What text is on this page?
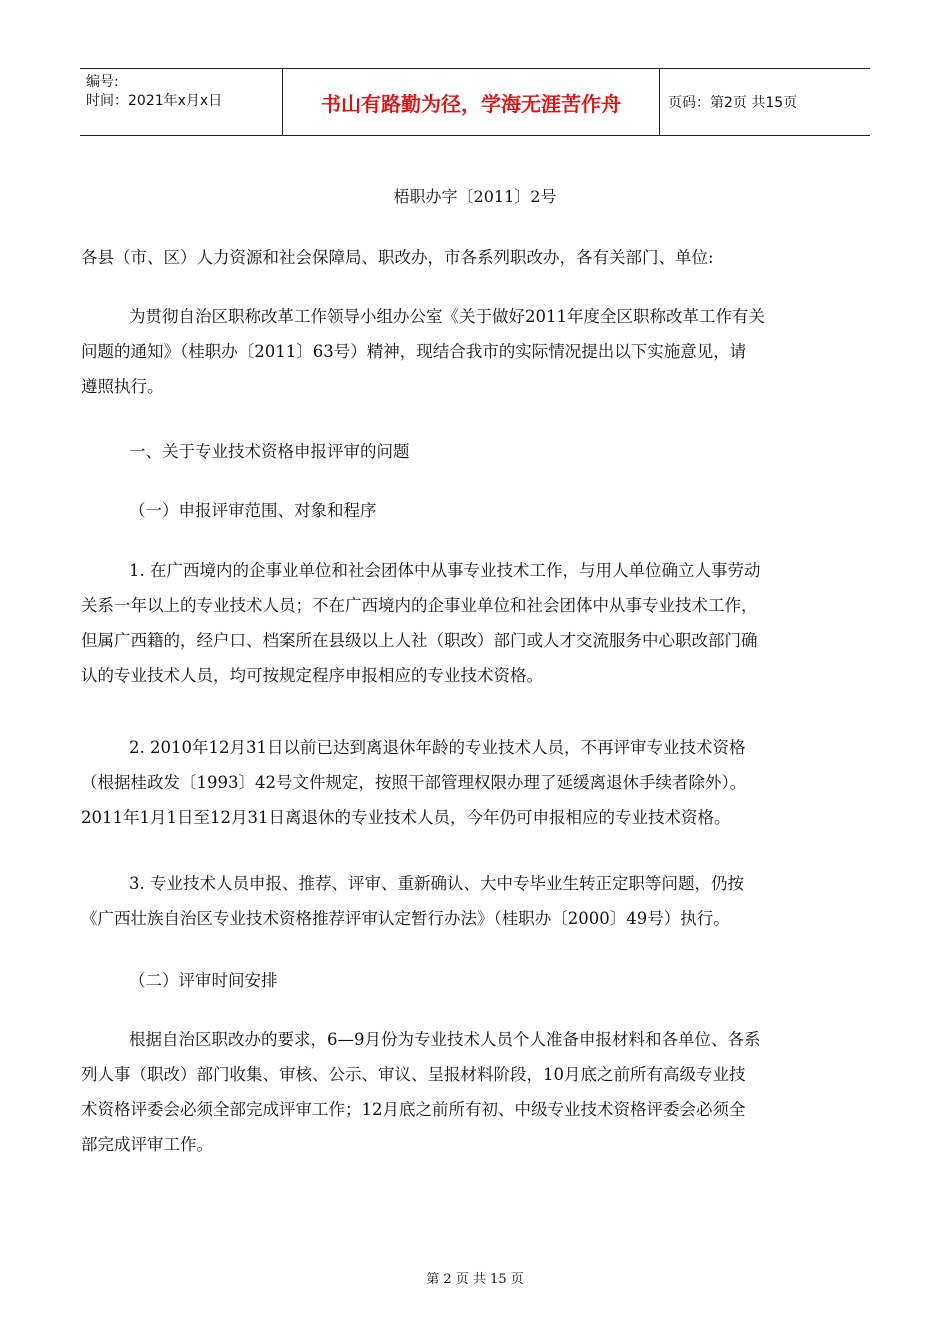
编号:
时间：2021年x月x日	书山有路勤为径，学海无涯苦作舟	页码：第2页 共15页
梧职办字〔2011〕2号
各县（市、区）人力资源和社会保障局、职改办，市各系列职改办，各有关部门、单位:
为贯彻自治区职称改革工作领导小组办公室《关于做好2011年度全区职称改革工作有关
问题的通知》（桂职办〔2011〕63号）精神，现结合我市的实际情况提出以下实施意见，请
遵照执行。
一、关于专业技术资格申报评审的问题
（一）申报评审范围、对象和程序
1. 在广西境内的企事业单位和社会团体中从事专业技术工作，与用人单位确立人事劳动
关系一年以上的专业技术人员；不在广西境内的企事业单位和社会团体中从事专业技术工作，
但属广西籍的，经户口、档案所在县级以上人社（职改）部门或人才交流服务中心职改部门确
认的专业技术人员，均可按规定程序申报相应的专业技术资格。
2. 2010年12月31日以前已达到离退休年龄的专业技术人员，不再评审专业技术资格
（根据桂政发〔1993〕42号文件规定，按照干部管理权限办理了延缓离退休手续者除外）。
2011年1月1日至12月31日离退休的专业技术人员，今年仍可申报相应的专业技术资格。
3. 专业技术人员申报、推荐、评审、重新确认、大中专毕业生转正定职等问题，仍按
《广西壮族自治区专业技术资格推荐评审认定暂行办法》（桂职办〔2000〕49号）执行。
（二）评审时间安排
根据自治区职改办的要求，6—9月份为专业技术人员个人准备申报材料和各单位、各系
列人事（职改）部门收集、审核、公示、审议、呈报材料阶段，10月底之前所有高级专业技
术资格评委会必须全部完成评审工作；12月底之前所有初、中级专业技术资格评委会必须全
部完成评审工作。
第 2 页 共 15 页
